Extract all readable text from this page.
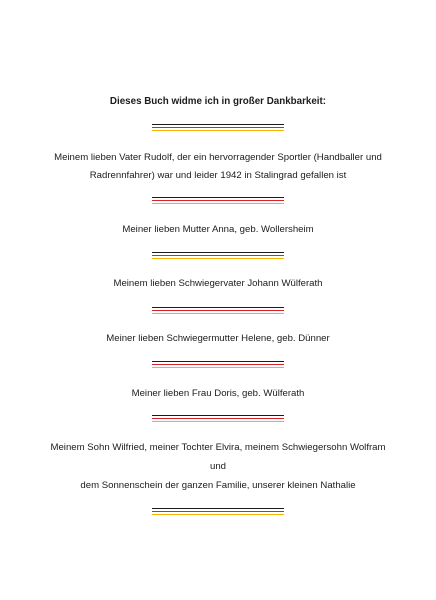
Dieses Buch widme ich in großer Dankbarkeit:
Meinem lieben Vater Rudolf, der ein hervorragender Sportler (Handballer und
Radrennfahrer) war und leider 1942 in Stalingrad gefallen ist
Meiner lieben Mutter Anna, geb. Wollersheim
Meinem lieben Schwiegervater Johann Wülferath
Meiner lieben Schwiegermutter Helene, geb. Dünner
Meiner lieben Frau Doris, geb. Wülferath
Meinem Sohn Wilfried, meiner Tochter Elvira, meinem Schwiegersohn Wolfram
und
dem Sonnenschein der ganzen Familie, unserer kleinen Nathalie
